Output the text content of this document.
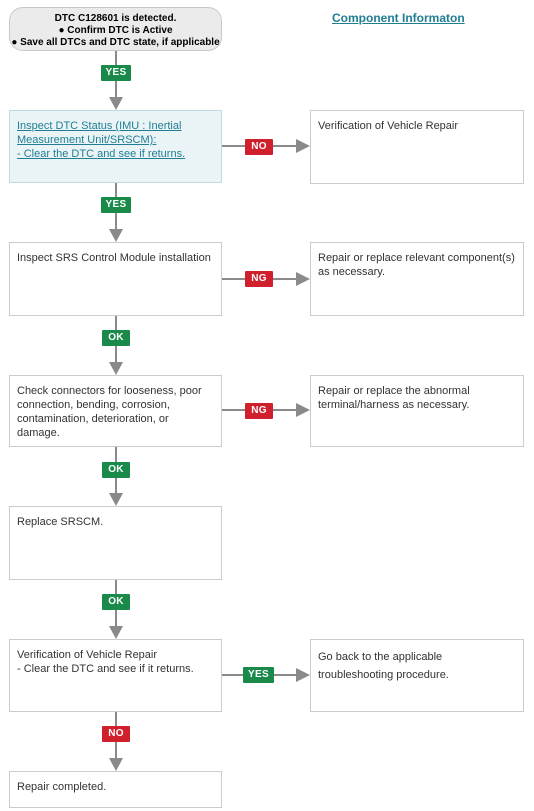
DTC C128601 is detected.
● Confirm DTC is Active
● Save all DTCs and DTC state, if applicable
Component Informaton
Inspect DTC Status (IMU : Inertial Measurement Unit/SRSCM):
- Clear the DTC and see if returns.
Inspect SRS Control Module installation
Check connectors for looseness, poor connection, bending, corrosion, contamination, deterioration, or damage.
Replace SRSCM.
Verification of Vehicle Repair
- Clear the DTC and see if it returns.
Repair completed.
Verification of Vehicle Repair
Repair or replace relevant component(s) as necessary.
Repair or replace the abnormal terminal/harness as necessary.
Go back to the applicable troubleshooting procedure.
YES
NO
YES
NG
OK
NG
OK
OK
YES
NO
